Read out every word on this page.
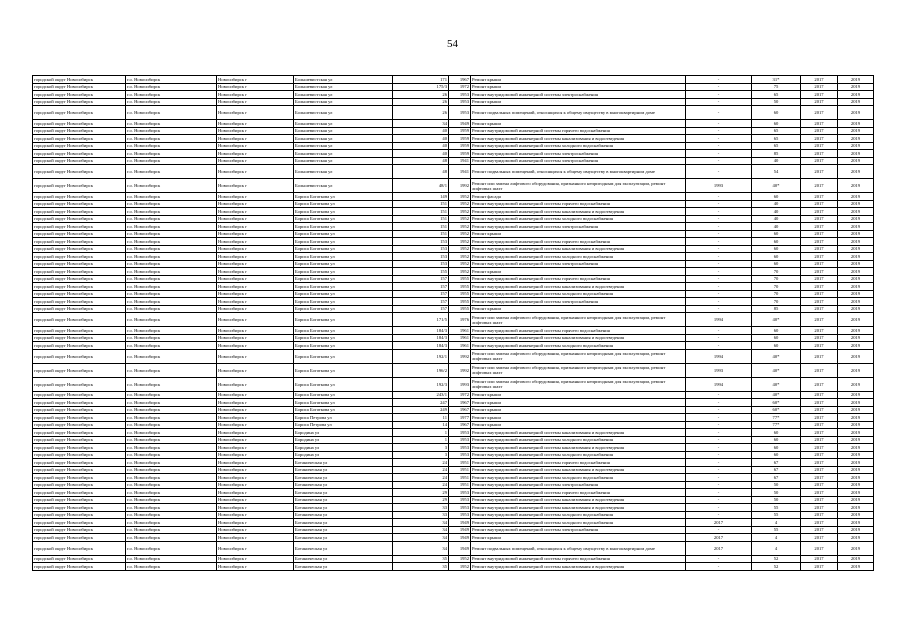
54
городской округ Новосибирск	г.о. Новосибирск	Новосибирск г	Большевистская ул	171	1967	Ремонт крыши	-	31*	2017	2019
городской округ Новосибирск	г.о. Новосибирск	Новосибирск г	Большевистская ул	175/3	1972	Ремонт крыши	-	75	2017	2019
городской округ Новосибирск	г.о. Новосибирск	Новосибирск г	Большевистская ул	26	1953	Ремонт внутридомовой инженерной системы электроснабжения	-	65	2017	2019
городской округ Новосибирск	г.о. Новосибирск	Новосибирск г	Большевистская ул	26	1953	Ремонт крыши	-	50	2017	2019
городской округ Новосибирск	г.о. Новосибирск	Новосибирск г	Большевистская ул	26	1953	Ремонт подвальных помещений, относящихся к общему имуществу в многоквартирном доме	-	60	2017	2019
городской округ Новосибирск	г.о. Новосибирск	Новосибирск г	Большевистская ул	34	1949	Ремонт крыши	-	60	2017	2019
городской округ Новосибирск	г.о. Новосибирск	Новосибирск г	Большевистская ул	40	1959	Ремонт внутридомовой инженерной системы горячего водоснабжения	-	65	2017	2019
городской округ Новосибирск	г.о. Новосибирск	Новосибирск г	Большевистская ул	40	1959	Ремонт внутридомовой инженерной системы канализования и водоотведения	-	65	2017	2019
городской округ Новосибирск	г.о. Новосибирск	Новосибирск г	Большевистская ул	40	1959	Ремонт внутридомовой инженерной системы холодного водоснабжения	-	65	2017	2019
городской округ Новосибирск	г.о. Новосибирск	Новосибирск г	Большевистская ул	40	1959	Ремонт внутридомовой инженерной системы электроснабжения	-	85	2017	2019
городской округ Новосибирск	г.о. Новосибирск	Новосибирск г	Большевистская ул	48	1941	Ремонт внутридомовой инженерной системы электроснабжения	-	40	2017	2019
городской округ Новосибирск	г.о. Новосибирск	Новосибирск г	Большевистская ул	48	1941	Ремонт подвальных помещений, относящихся к общему имуществу в многоквартирном доме	-	54	2017	2019
городской округ Новосибирск	г.о. Новосибирск	Новосибирск г	Большевистская ул	48/1	1992	Ремонт или замена лифтового оборудования, признанного непригодным для эксплуатации, ремонт лифтовых шахт	1993	40*	2017	2019
городской округ Новосибирск	г.о. Новосибирск	Новосибирск г	Бориса Богаткова ул	149	1952	Ремонт фасада	-	60	2017	2019
городской округ Новосибирск	г.о. Новосибирск	Новосибирск г	Бориса Богаткова ул	151	1952	Ремонт внутридомовой инженерной системы горячего водоснабжения	-	40	2017	2019
городской округ Новосибирск	г.о. Новосибирск	Новосибирск г	Бориса Богаткова ул	151	1952	Ремонт внутридомовой инженерной системы канализования и водоотведения	-	40	2017	2019
городской округ Новосибирск	г.о. Новосибирск	Новосибирск г	Бориса Богаткова ул	151	1952	Ремонт внутридомовой инженерной системы холодного водоснабжения	-	40	2017	2019
городской округ Новосибирск	г.о. Новосибирск	Новосибирск г	Бориса Богаткова ул	151	1952	Ремонт внутридомовой инженерной системы электроснабжения	-	40	2017	2019
городской округ Новосибирск	г.о. Новосибирск	Новосибирск г	Бориса Богаткова ул	151	1952	Ремонт крыши	-	60	2017	2019
городской округ Новосибирск	г.о. Новосибирск	Новосибирск г	Бориса Богаткова ул	153	1952	Ремонт внутридомовой инженерной системы горячего водоснабжения	-	60	2017	2019
городской округ Новосибирск	г.о. Новосибирск	Новосибирск г	Бориса Богаткова ул	153	1952	Ремонт внутридомовой инженерной системы канализования и водоотведения	-	60	2017	2019
городской округ Новосибирск	г.о. Новосибирск	Новосибирск г	Бориса Богаткова ул	153	1952	Ремонт внутридомовой инженерной системы холодного водоснабжения	-	60	2017	2019
городской округ Новосибирск	г.о. Новосибирск	Новосибирск г	Бориса Богаткова ул	153	1952	Ремонт внутридомовой инженерной системы электроснабжения	-	60	2017	2019
городской округ Новосибирск	г.о. Новосибирск	Новосибирск г	Бориса Богаткова ул	155	1952	Ремонт крыши	-	70	2017	2019
городской округ Новосибирск	г.о. Новосибирск	Новосибирск г	Бориса Богаткова ул	157	1955	Ремонт внутридомовой инженерной системы горячего водоснабжения	-	70	2017	2019
городской округ Новосибирск	г.о. Новосибирск	Новосибирск г	Бориса Богаткова ул	157	1955	Ремонт внутридомовой инженерной системы канализования и водоотведения	-	70	2017	2019
городской округ Новосибирск	г.о. Новосибирск	Новосибирск г	Бориса Богаткова ул	157	1955	Ремонт внутридомовой инженерной системы холодного водоснабжения	-	70	2017	2019
городской округ Новосибирск	г.о. Новосибирск	Новосибирск г	Бориса Богаткова ул	157	1955	Ремонт внутридомовой инженерной системы электроснабжения	-	70	2017	2019
городской округ Новосибирск	г.о. Новосибирск	Новосибирск г	Бориса Богаткова ул	157	1955	Ремонт крыши	-	85	2017	2019
городской округ Новосибирск	г.о. Новосибирск	Новосибирск г	Бориса Богаткова ул	171/5	1976	Ремонт или замена лифтового оборудования, признанного непригодным для эксплуатации, ремонт лифтовых шахт	1994	40*	2017	2019
городской округ Новосибирск	г.о. Новосибирск	Новосибирск г	Бориса Богаткова ул	184/3	1961	Ремонт внутридомовой инженерной системы горячего водоснабжения	-	60	2017	2019
городской округ Новосибирск	г.о. Новосибирск	Новосибирск г	Бориса Богаткова ул	184/3	1961	Ремонт внутридомовой инженерной системы канализования и водоотведения	-	60	2017	2019
городской округ Новосибирск	г.о. Новосибирск	Новосибирск г	Бориса Богаткова ул	184/3	1961	Ремонт внутридомовой инженерной системы холодного водоснабжения	-	60	2017	2019
городской округ Новосибирск	г.о. Новосибирск	Новосибирск г	Бориса Богаткова ул	192/1	1992	Ремонт или замена лифтового оборудования, признанного непригодным для эксплуатации, ремонт лифтовых шахт	1994	40*	2017	2019
городской округ Новосибирск	г.о. Новосибирск	Новосибирск г	Бориса Богаткова ул	196/2	1992	Ремонт или замена лифтового оборудования, признанного непригодным для эксплуатации, ремонт лифтовых шахт	1993	40*	2017	2019
городской округ Новосибирск	г.о. Новосибирск	Новосибирск г	Бориса Богаткова ул	192/3	1993	Ремонт или замена лифтового оборудования, признанного непригодным для эксплуатации, ремонт лифтовых шахт	1994	40*	2017	2019
городской округ Новосибирск	г.о. Новосибирск	Новосибирск г	Бориса Богаткова ул	243/1	1972	Ремонт крыши	-	40*	2017	2019
городской округ Новосибирск	г.о. Новосибирск	Новосибирск г	Бориса Богаткова ул	247	1967	Ремонт крыши	-	60*	2017	2019
городской округ Новосибирск	г.о. Новосибирск	Новосибирск г	Бориса Богаткова ул	249	1967	Ремонт крыши	-	60*	2017	2019
городской округ Новосибирск	г.о. Новосибирск	Новосибирск г	Бориса Петрова ул	11	1977	Ремонт крыши	-	77*	2017	2019
городской округ Новосибирск	г.о. Новосибирск	Новосибирск г	Бориса Петрова ул	14	1967	Ремонт крыши	-	77*	2017	2019
городской округ Новосибирск	г.о. Новосибирск	Новосибирск г	Бородина ул	1	1953	Ремонт внутридомовой инженерной системы канализования и водоотведения	-	60	2017	2019
городской округ Новосибирск	г.о. Новосибирск	Новосибирск г	Бородина ул	1	1953	Ремонт внутридомовой инженерной системы холодного водоснабжения	-	60	2017	2019
городской округ Новосибирск	г.о. Новосибирск	Новосибирск г	Бородина ул	3	1953	Ремонт внутридомовой инженерной системы канализования и водоотведения	-	60	2017	2019
городской округ Новосибирск	г.о. Новосибирск	Новосибирск г	Бородина ул	3	1953	Ремонт внутридомовой инженерной системы холодного водоснабжения	-	60	2017	2019
городской округ Новосибирск	г.о. Новосибирск	Новосибирск г	Ботаническая ул	24	1951	Ремонт внутридомовой инженерной системы горячего водоснабжения	-	67	2017	2019
городской округ Новосибирск	г.о. Новосибирск	Новосибирск г	Ботаническая ул	24	1951	Ремонт внутридомовой инженерной системы канализования и водоотведения	-	67	2017	2019
городской округ Новосибирск	г.о. Новосибирск	Новосибирск г	Ботаническая ул	24	1951	Ремонт внутридомовой инженерной системы холодного водоснабжения	-	67	2017	2019
городской округ Новосибирск	г.о. Новосибирск	Новосибирск г	Ботаническая ул	24	1951	Ремонт внутридомовой инженерной системы электроснабжения	-	50	2017	2019
городской округ Новосибирск	г.о. Новосибирск	Новосибирск г	Ботаническая ул	29	1953	Ремонт внутридомовой инженерной системы горячего водоснабжения	-	50	2017	2019
городской округ Новосибирск	г.о. Новосибирск	Новосибирск г	Ботаническая ул	29	1953	Ремонт внутридомовой инженерной системы канализования и водоотведения	-	50	2017	2019
городской округ Новосибирск	г.о. Новосибирск	Новосибирск г	Ботаническая ул	33	1953	Ремонт внутридомовой инженерной системы канализования и водоотведения	-	55	2017	2019
городской округ Новосибирск	г.о. Новосибирск	Новосибирск г	Ботаническая ул	33	1953	Ремонт внутридомовой инженерной системы холодного водоснабжения	-	55	2017	2019
городской округ Новосибирск	г.о. Новосибирск	Новосибирск г	Ботаническая ул	34	1949	Ремонт внутридомовой инженерной системы холодного водоснабжения	2017	4	2017	2019
городской округ Новосибирск	г.о. Новосибирск	Новосибирск г	Ботаническая ул	34	1949	Ремонт внутридомовой инженерной системы электроснабжения	-	55	2017	2019
городской округ Новосибирск	г.о. Новосибирск	Новосибирск г	Ботаническая ул	34	1949	Ремонт крыши	2017	4	2017	2019
городской округ Новосибирск	г.о. Новосибирск	Новосибирск г	Ботаническая ул	34	1949	Ремонт подвальных помещений, относящихся к общему имуществу в многоквартирном доме	2017	4	2017	2019
городской округ Новосибирск	г.о. Новосибирск	Новосибирск г	Ботаническая ул	35	1952	Ремонт внутридомовой инженерной системы горячего водоснабжения	-	52	2017	2019
городской округ Новосибирск	г.о. Новосибирск	Новосибирск г	Ботаническая ул	35	1952	Ремонт внутридомовой инженерной системы канализования и водоотведения	-	52	2017	2019
